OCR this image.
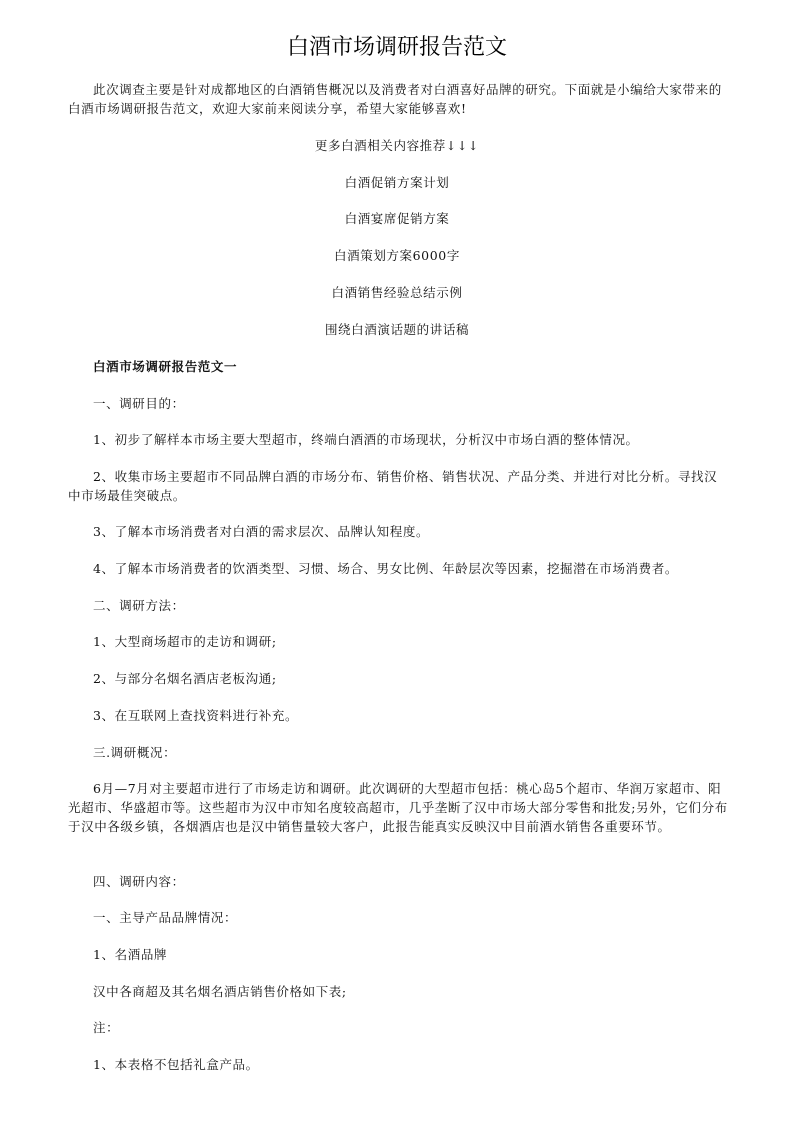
白酒市场调研报告范文
此次调查主要是针对成都地区的白酒销售概况以及消费者对白酒喜好品牌的研究。下面就是小编给大家带来的白酒市场调研报告范文，欢迎大家前来阅读分享，希望大家能够喜欢!
更多白酒相关内容推荐↓↓↓
白酒促销方案计划
白酒宴席促销方案
白酒策划方案6000字
白酒销售经验总结示例
围绕白酒演话题的讲话稿
白酒市场调研报告范文一
一、调研目的：
1、初步了解样本市场主要大型超市，终端白酒酒的市场现状，分析汉中市场白酒的整体情况。
2、收集市场主要超市不同品牌白酒的市场分布、销售价格、销售状况、产品分类、并进行对比分析。寻找汉中市场最佳突破点。
3、了解本市场消费者对白酒的需求层次、品牌认知程度。
4、了解本市场消费者的饮酒类型、习惯、场合、男女比例、年龄层次等因素，挖掘潜在市场消费者。
二、调研方法：
1、大型商场超市的走访和调研;
2、与部分名烟名酒店老板沟通;
3、在互联网上查找资料进行补充。
三.调研概况：
6月—7月对主要超市进行了市场走访和调研。此次调研的大型超市包括：桃心岛5个超市、华润万家超市、阳光超市、华盛超市等。这些超市为汉中市知名度较高超市，几乎垄断了汉中市场大部分零售和批发;另外，它们分布于汉中各级乡镇，各烟酒店也是汉中销售量较大客户，此报告能真实反映汉中目前酒水销售各重要环节。
四、调研内容：
一、主导产品品牌情况：
1、名酒品牌
汉中各商超及其名烟名酒店销售价格如下表;
注：
1、本表格不包括礼盒产品。
